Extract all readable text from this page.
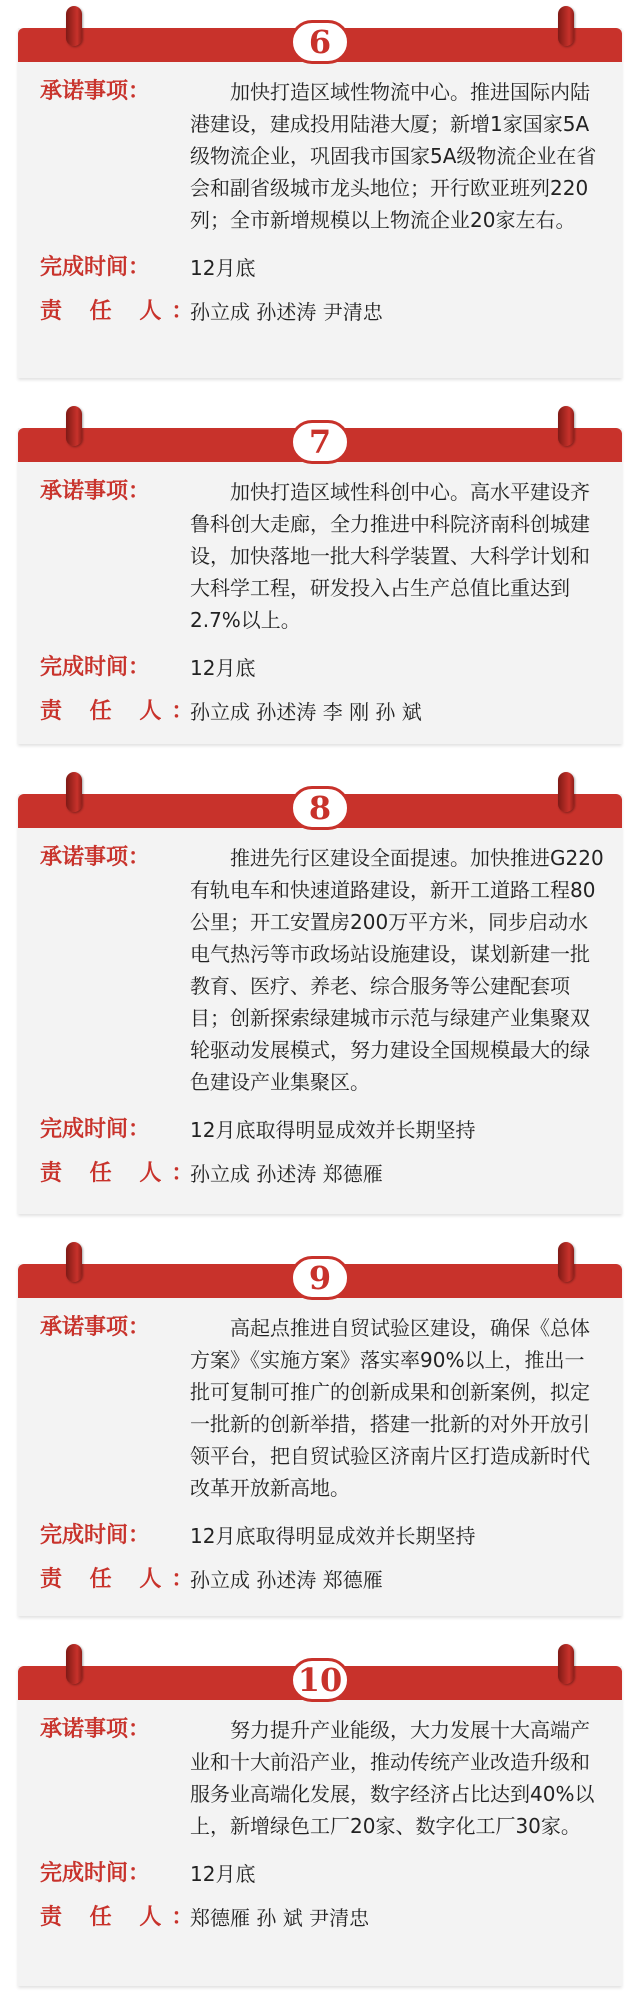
6
承诺事项：	加快打造区域性物流中心。推进国际内陆港建设，建成投用陆港大厦；新增1家国家5A级物流企业，巩固我市国家5A级物流企业在省会和副省级城市龙头地位；开行欧亚班列220列；全市新增规模以上物流企业20家左右。
完成时间：	12月底
责 任 人：
孙立成 孙述涛 尹清忠
7
承诺事项：	加快打造区域性科创中心。高水平建设齐鲁科创大走廊，全力推进中科院济南科创城建设，加快落地一批大科学装置、大科学计划和大科学工程，研发投入占生产总值比重达到2.7%以上。
完成时间：	12月底
责 任 人：
孙立成 孙述涛 李 刚 孙 斌
8
承诺事项：	推进先行区建设全面提速。加快推进G220有轨电车和快速道路建设，新开工道路工程80公里；开工安置房200万平方米，同步启动水电气热污等市政场站设施建设，谋划新建一批教育、医疗、养老、综合服务等公建配套项目；创新探索绿建城市示范与绿建产业集聚双轮驱动发展模式，努力建设全国规模最大的绿色建设产业集聚区。
完成时间：	12月底取得明显成效并长期坚持
责 任 人：
孙立成 孙述涛 郑德雁
9
承诺事项：	高起点推进自贸试验区建设，确保《总体方案》《实施方案》落实率90%以上，推出一批可复制可推广的创新成果和创新案例，拟定一批新的创新举措，搭建一批新的对外开放引领平台，把自贸试验区济南片区打造成新时代改革开放新高地。
完成时间：	12月底取得明显成效并长期坚持
责 任 人：
孙立成 孙述涛 郑德雁
10
承诺事项：	努力提升产业能级，大力发展十大高端产业和十大前沿产业，推动传统产业改造升级和服务业高端化发展，数字经济占比达到40%以上，新增绿色工厂20家、数字化工厂30家。
完成时间：	12月底
责 任 人：
郑德雁 孙 斌 尹清忠
